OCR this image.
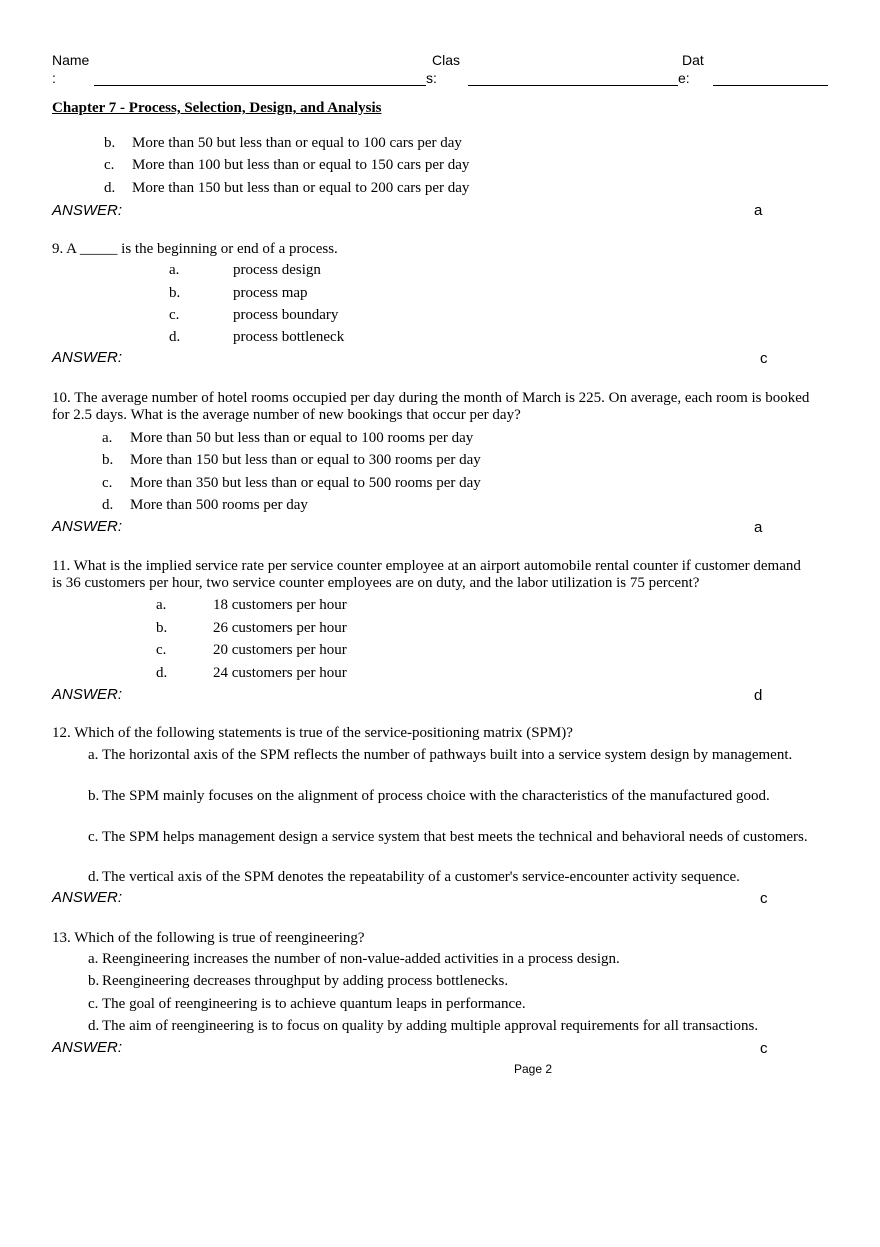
Name
:
Clas
s:
Dat
e:
Chapter 7 - Process, Selection, Design, and Analysis
b. More than 50 but less than or equal to 100 cars per day
c. More than 100 but less than or equal to 150 cars per day
d. More than 150 but less than or equal to 200 cars per day
ANSWER:	a
9. A _____ is the beginning or end of a process.
a.	process design
b.	process map
c.	process boundary
d.	process bottleneck
ANSWER:	c
10. The average number of hotel rooms occupied per day during the month of March is 225. On average, each room is booked for 2.5 days. What is the average number of new bookings that occur per day?
a. More than 50 but less than or equal to 100 rooms per day
b. More than 150 but less than or equal to 300 rooms per day
c. More than 350 but less than or equal to 500 rooms per day
d. More than 500 rooms per day
ANSWER:	a
11. What is the implied service rate per service counter employee at an airport automobile rental counter if customer demand is 36 customers per hour, two service counter employees are on duty, and the labor utilization is 75 percent?
a.	18 customers per hour
b.	26 customers per hour
c.	20 customers per hour
d.	24 customers per hour
ANSWER:	d
12. Which of the following statements is true of the service-positioning matrix (SPM)?
a. The horizontal axis of the SPM reflects the number of pathways built into a service system design by management.
b. The SPM mainly focuses on the alignment of process choice with the characteristics of the manufactured good.
c. The SPM helps management design a service system that best meets the technical and behavioral needs of customers.
d. The vertical axis of the SPM denotes the repeatability of a customer's service-encounter activity sequence.
ANSWER:	c
13. Which of the following is true of reengineering?
a. Reengineering increases the number of non-value-added activities in a process design.
b. Reengineering decreases throughput by adding process bottlenecks.
c. The goal of reengineering is to achieve quantum leaps in performance.
d. The aim of reengineering is to focus on quality by adding multiple approval requirements for all transactions.
ANSWER:	c
Page 2
